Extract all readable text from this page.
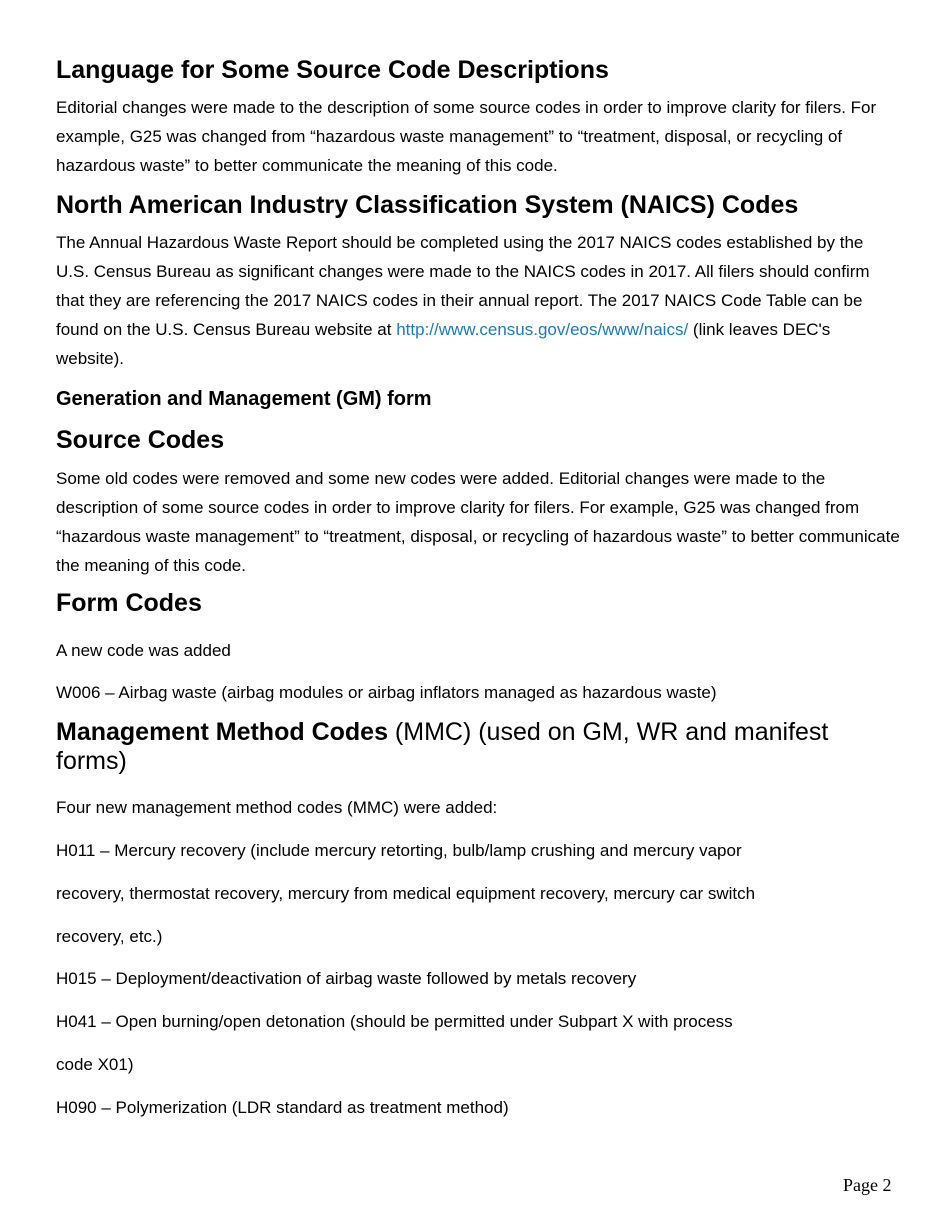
Language for Some Source Code Descriptions

Editorial changes were made to the description of some source codes in order to improve clarity for filers. For example, G25 was changed from “hazardous waste management” to “treatment, disposal, or recycling of hazardous waste” to better communicate the meaning of this code.

North American Industry Classification System (NAICS) Codes

The Annual Hazardous Waste Report should be completed using the 2017 NAICS codes established by the U.S. Census Bureau as significant changes were made to the NAICS codes in 2017. All filers should confirm that they are referencing the 2017 NAICS codes in their annual report. The 2017 NAICS Code Table can be found on the U.S. Census Bureau website at http://www.census.gov/eos/www/naics/ (link leaves DEC's website).

Generation and Management (GM) form
Source Codes

Some old codes were removed and some new codes were added. Editorial changes were made to the description of some source codes in order to improve clarity for filers. For example, G25 was changed from “hazardous waste management” to “treatment, disposal, or recycling of hazardous waste” to better communicate the meaning of this code.

Form Codes

A new code was added

W006 – Airbag waste (airbag modules or airbag inflators managed as hazardous waste)

Management Method Codes (MMC) (used on GM, WR and manifest forms)

Four new management method codes (MMC) were added:

H011 – Mercury recovery (include mercury retorting, bulb/lamp crushing and mercury vapor

recovery, thermostat recovery, mercury from medical equipment recovery, mercury car switch

recovery, etc.)

H015 – Deployment/deactivation of airbag waste followed by metals recovery

H041 – Open burning/open detonation (should be permitted under Subpart X with process

code X01)

H090 – Polymerization (LDR standard as treatment method)

Page 2
